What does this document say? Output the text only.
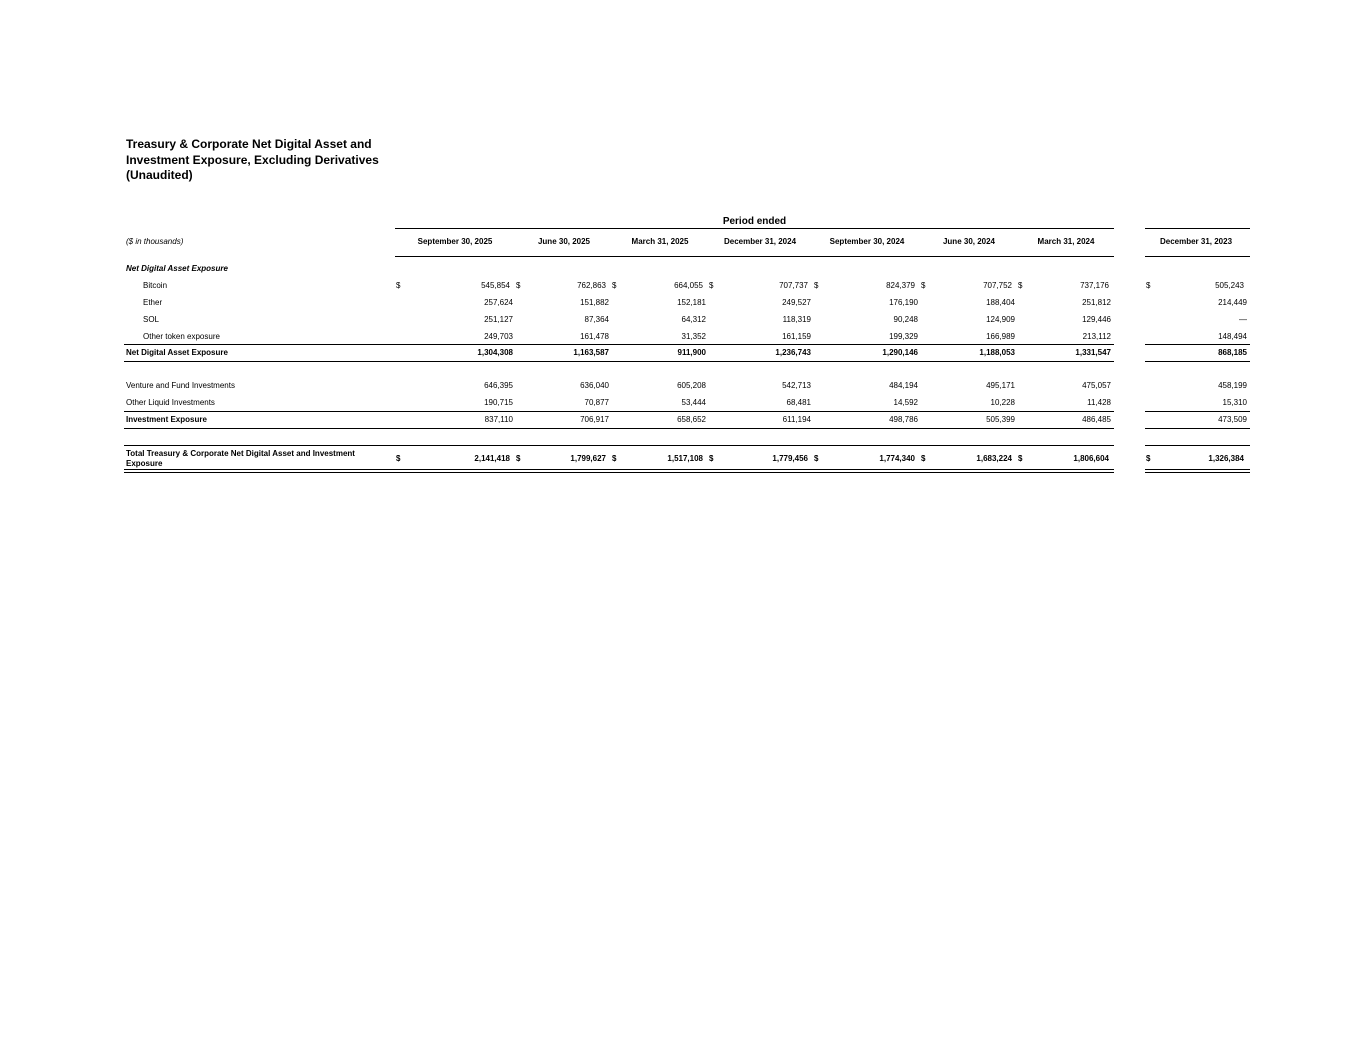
Treasury & Corporate Net Digital Asset and
Investment Exposure, Excluding Derivatives
(Unaudited)
Period ended
($ in thousands)	September 30, 2025	June 30, 2025	March 31, 2025	December 31, 2024	September 30, 2024	June 30, 2024	March 31, 2024	December 31, 2023
Net Digital Asset Exposure
Bitcoin	$	545,854 $	762,863 $	664,055 $	707,737 $	824,379 $	707,752 $	737,176	$	505,243
Ether	257,624	151,882	152,181	249,527	176,190	188,404	251,812	214,449
SOL	251,127	87,364	64,312	118,319	90,248	124,909	129,446	—
Other token exposure	249,703	161,478	31,352	161,159	199,329	166,989	213,112	148,494
Net Digital Asset Exposure	1,304,308	1,163,587	911,900	1,236,743	1,290,146	1,188,053	1,331,547	868,185
Venture and Fund Investments	646,395	636,040	605,208	542,713	484,194	495,171	475,057	458,199
Other Liquid Investments	190,715	70,877	53,444	68,481	14,592	10,228	11,428	15,310
Investment Exposure	837,110	706,917	658,652	611,194	498,786	505,399	486,485	473,509
Total Treasury & Corporate Net Digital Asset and Investment
Exposure
$	2,141,418 $	1,799,627 $	1,517,108 $	1,779,456 $	1,774,340 $	1,683,224 $	1,806,604	$	1,326,384
